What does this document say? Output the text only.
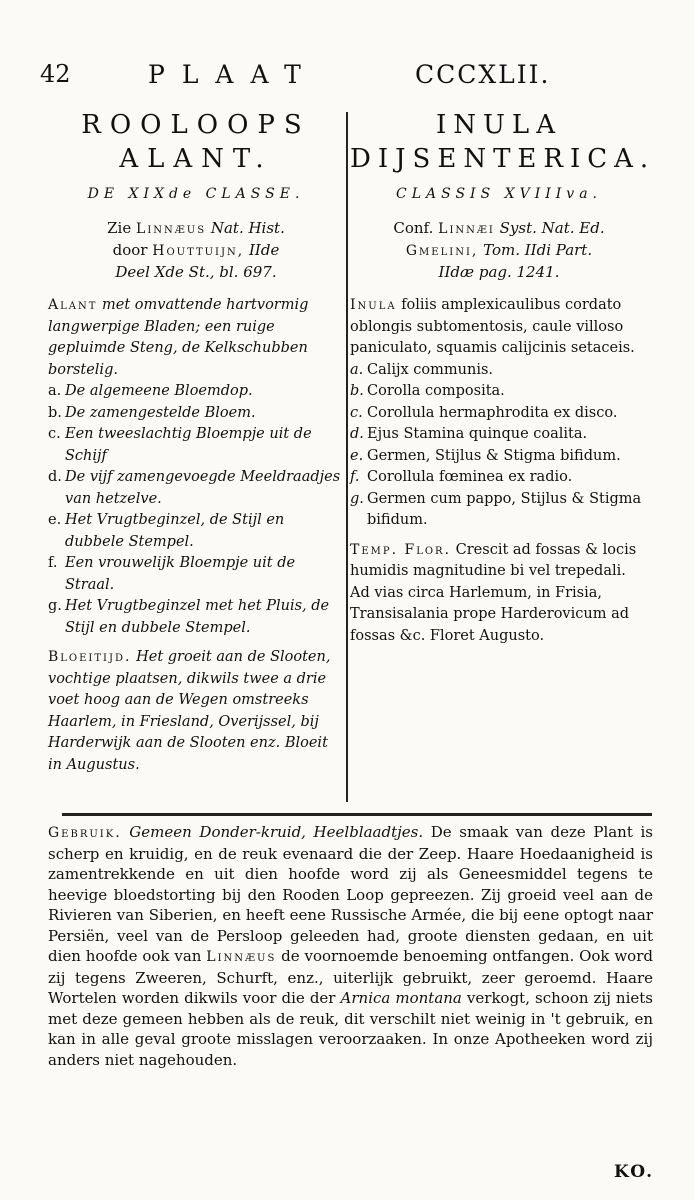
42	PLAAT	CCCXLII.
ROOLOOPS
ALANT.
DE XIXde CLASSE.
Zie Linnæus Nat. Hist.
door Houttuijn, IIde
Deel Xde St., bl. 697.

Alant met omvattende hartvormig langwerpige Bladen; een ruige gepluimde Steng, de Kelkschubben borstelig.

a. De algemeene Bloemdop.
b. De zamengestelde Bloem.
c. Een tweeslachtig Bloempje uit de Schijf
d. De vijf zamengevoegde Meeldraadjes van hetzelve.
e. Het Vrugtbeginzel, de Stijl en dubbele Stempel.
f. Een vrouwelijk Bloempje uit de Straal.
g. Het Vrugtbeginzel met het Pluis, de Stijl en dubbele Stempel.

Bloeitijd. Het groeit aan de Slooten, vochtige plaatsen, dikwils twee a drie voet hoog aan de Wegen omstreeks Haarlem, in Friesland, Overijssel, bij Harderwijk aan de Slooten enz. Bloeit in Augustus.

INULA
DIJSENTERICA.
CLASSIS XVIIIva.
Conf. Linnæi Syst. Nat. Ed.
Gmelini, Tom. IIdi Part.
IIdæ pag. 1241.

Inula foliis amplexicaulibus cordato oblongis subtomentosis, caule villoso paniculato, squamis calijcinis setaceis.

a. Calijx communis.
b. Corolla composita.
c. Corollula hermaphrodita ex disco.
d. Ejus Stamina quinque coalita.
e. Germen, Stijlus & Stigma bifidum.
f. Corollula fœminea ex radio.
g. Germen cum pappo, Stijlus & Stigma bifidum.

Temp. Flor. Crescit ad fossas & locis humidis magnitudine bi vel trepedali. Ad vias circa Harlemum, in Frisia, Transisalania prope Harderovicum ad fossas &c. Floret Augusto.

Gebruik. Gemeen Donder-kruid, Heelblaadtjes. De smaak van deze Plant is scherp en kruidig, en de reuk evenaard die der Zeep. Haare Hoedaanigheid is zamentrekkende en uit dien hoofde word zij als Geneesmiddel tegens te heevige bloedstorting bij den Rooden Loop gepreezen. Zij groeid veel aan de Rivieren van Siberien, en heeft eene Russische Armée, die bij eene optogt naar Persiën, veel van de Persloop geleeden had, groote diensten gedaan, en uit dien hoofde ook van Linnæus de voornoemde benoeming ontfangen. Ook word zij tegens Zweeren, Schurft, enz., uiterlijk gebruikt, zeer geroemd. Haare Wortelen worden dikwils voor die der Arnica montana verkogt, schoon zij niets met deze gemeen hebben als de reuk, dit verschilt niet weinig in 't gebruik, en kan in alle geval groote misslagen veroorzaaken. In onze Apotheeken word zij anders niet nagehouden.

KO.
